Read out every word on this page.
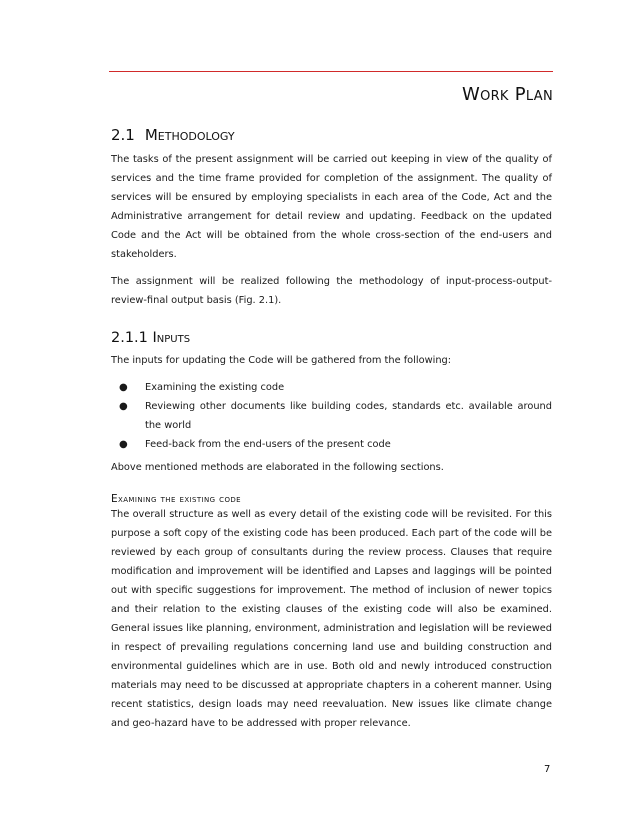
Work Plan
2.1 Methodology

The tasks of the present assignment will be carried out keeping in view of the quality of services and the time frame provided for completion of the assignment. The quality of services will be ensured by employing specialists in each area of the Code, Act and the Administrative arrangement for detail review and updating. Feedback on the updated Code and the Act will be obtained from the whole cross-section of the end-users and stakeholders.

The assignment will be realized following the methodology of input-process-output-review-final output basis (Fig. 2.1).

2.1.1 Inputs

The inputs for updating the Code will be gathered from the following:

● Examining the existing code
● Reviewing other documents like building codes, standards etc. available around the world
● Feed-back from the end-users of the present code

Above mentioned methods are elaborated in the following sections.

Examining the existing code

The overall structure as well as every detail of the existing code will be revisited. For this purpose a soft copy of the existing code has been produced. Each part of the code will be reviewed by each group of consultants during the review process. Clauses that require modification and improvement will be identified and Lapses and laggings will be pointed out with specific suggestions for improvement. The method of inclusion of newer topics and their relation to the existing clauses of the existing code will also be examined. General issues like planning, environment, administration and legislation will be reviewed in respect of prevailing regulations concerning land use and building construction and environmental guidelines which are in use. Both old and newly introduced construction materials may need to be discussed at appropriate chapters in a coherent manner. Using recent statistics, design loads may need reevaluation. New issues like climate change and geo-hazard have to be addressed with proper relevance.

7
